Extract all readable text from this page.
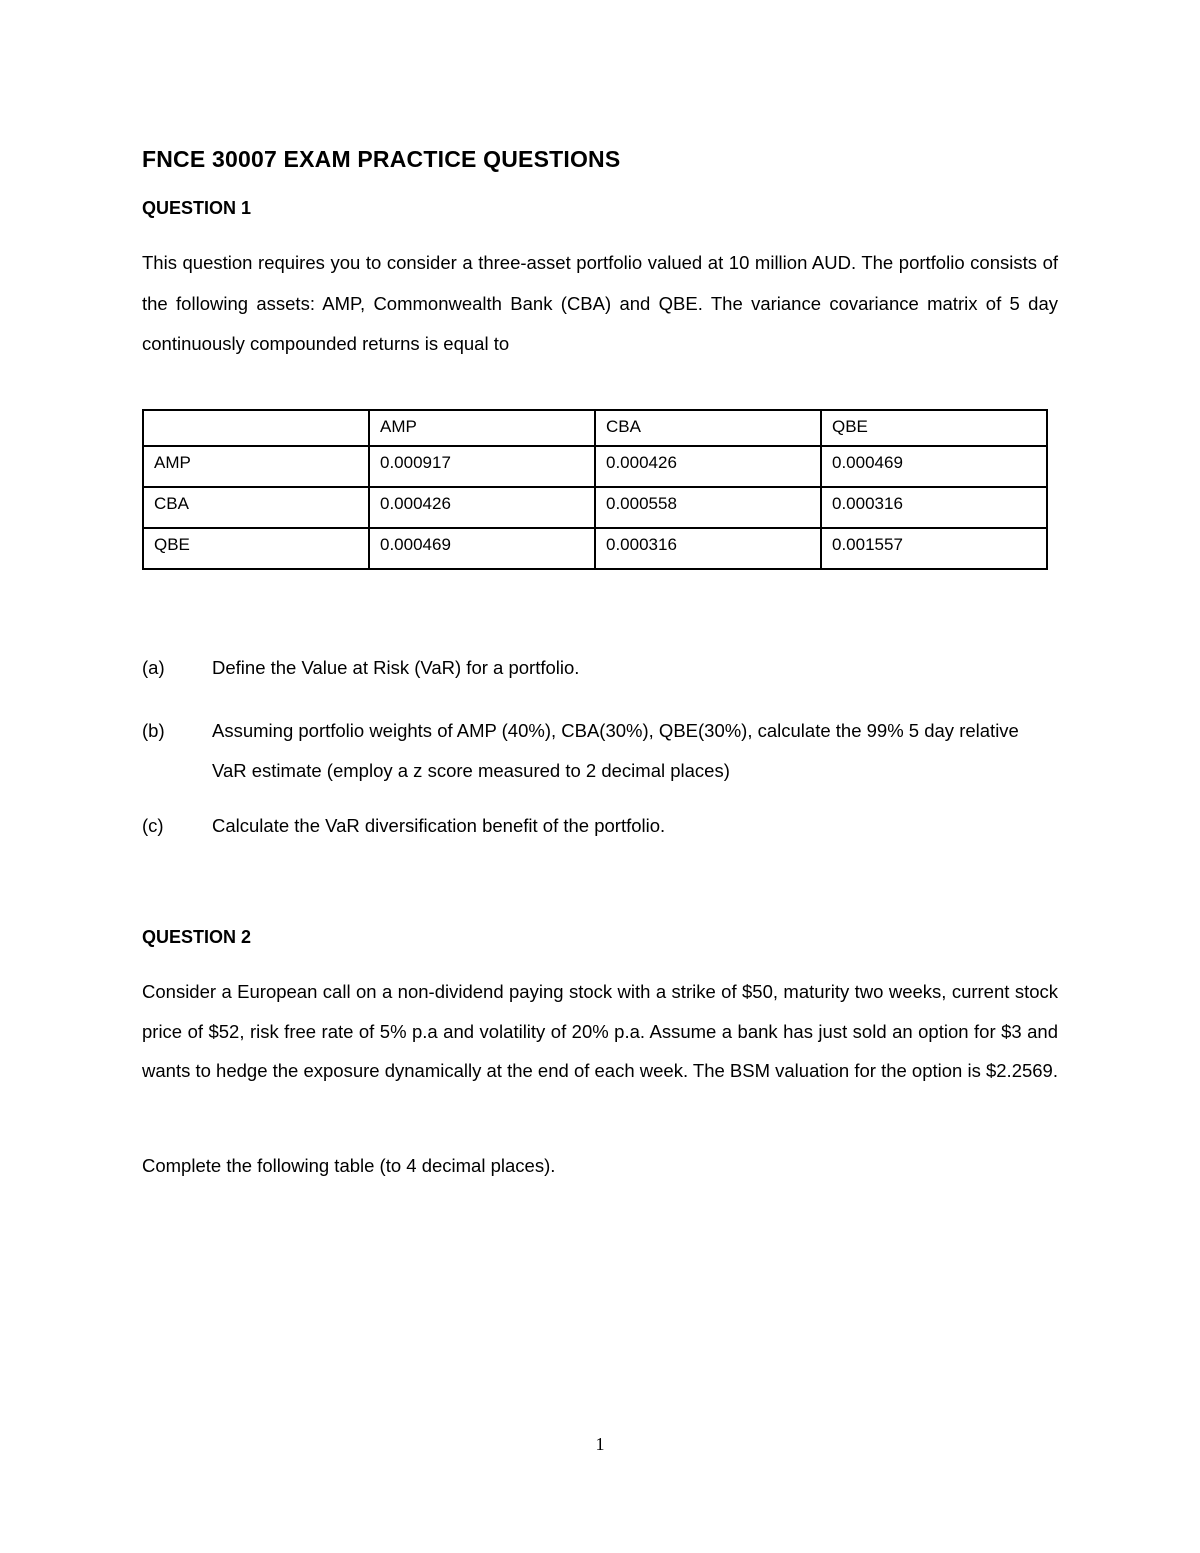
FNCE 30007 EXAM PRACTICE QUESTIONS
QUESTION 1
This question requires you to consider a three-asset portfolio valued at 10 million AUD. The portfolio consists of the following assets: AMP, Commonwealth Bank (CBA) and QBE. The variance covariance matrix of 5 day continuously compounded returns is equal to
	AMP	CBA	QBE
AMP	0.000917	0.000426	0.000469
CBA	0.000426	0.000558	0.000316
QBE	0.000469	0.000316	0.001557
(a)	Define the Value at Risk (VaR) for a portfolio.
(b)	Assuming portfolio weights of AMP (40%), CBA(30%), QBE(30%), calculate the 99% 5 day relative VaR estimate (employ a z score measured to 2 decimal places)
(c)	Calculate the VaR diversification benefit of the portfolio.
QUESTION 2
Consider a European call on a non-dividend paying stock with a strike of $50, maturity two weeks, current stock price of $52, risk free rate of 5% p.a and volatility of 20% p.a. Assume a bank has just sold an option for $3 and wants to hedge the exposure dynamically at the end of each week. The BSM valuation for the option is $2.2569.
Complete the following table (to 4 decimal places).
1
